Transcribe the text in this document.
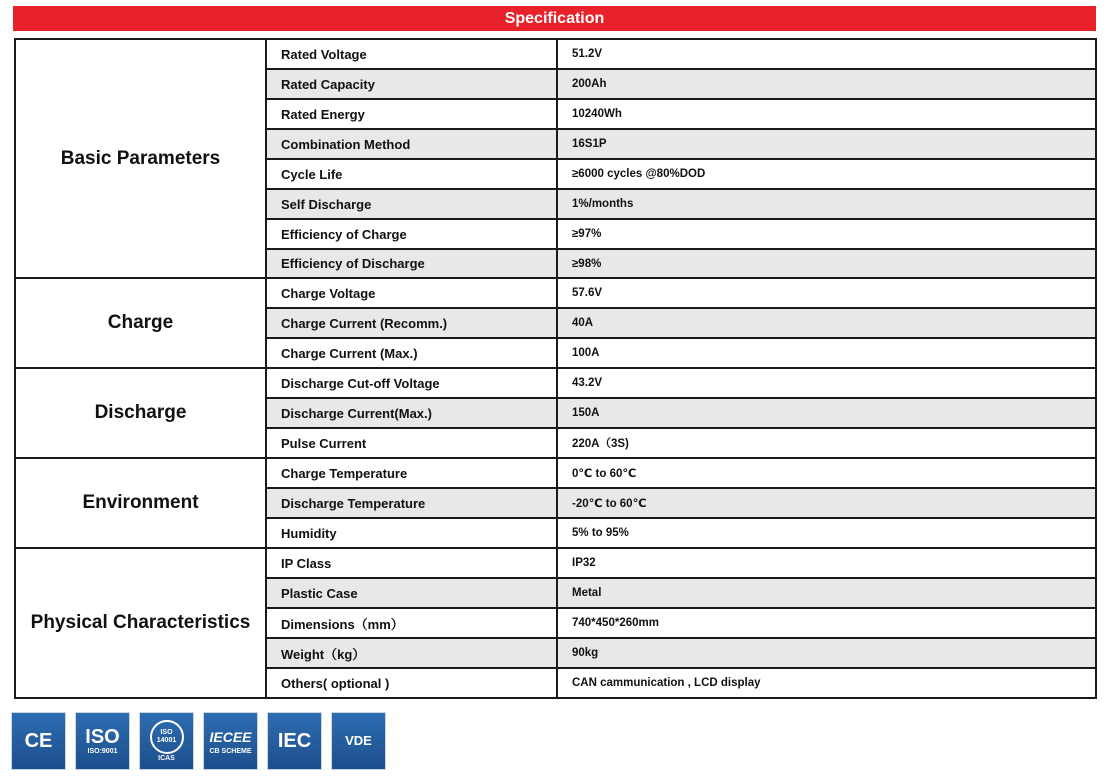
Specification
Basic Parameters	Rated Voltage	51.2V
	Rated Capacity	200Ah
	Rated Energy	10240Wh
	Combination Method	16S1P
	Cycle Life	≥6000 cycles @80%DOD
	Self Discharge	1%/months
	Efficiency of Charge	≥97%
	Efficiency of Discharge	≥98%
Charge	Charge Voltage	57.6V
	Charge Current (Recomm.)	40A
	Charge Current (Max.)	100A
Discharge	Discharge Cut-off Voltage	43.2V
	Discharge Current(Max.)	150A
	Pulse Current	220A（3S)
Environment	Charge Temperature	0℃ to 60℃
	Discharge Temperature	-20℃ to 60℃
	Humidity	5% to 95%
Physical Characteristics	IP Class	IP32
	Plastic Case	Metal
	Dimensions（mm）	740*450*260mm
	Weight（kg）	90kg
	Others( optional )	CAN cammunication , LCD display
CE ISO
ISO:9001
ISO 14001
ICAS
IECEE
CB SCHEME IEC	VDE
